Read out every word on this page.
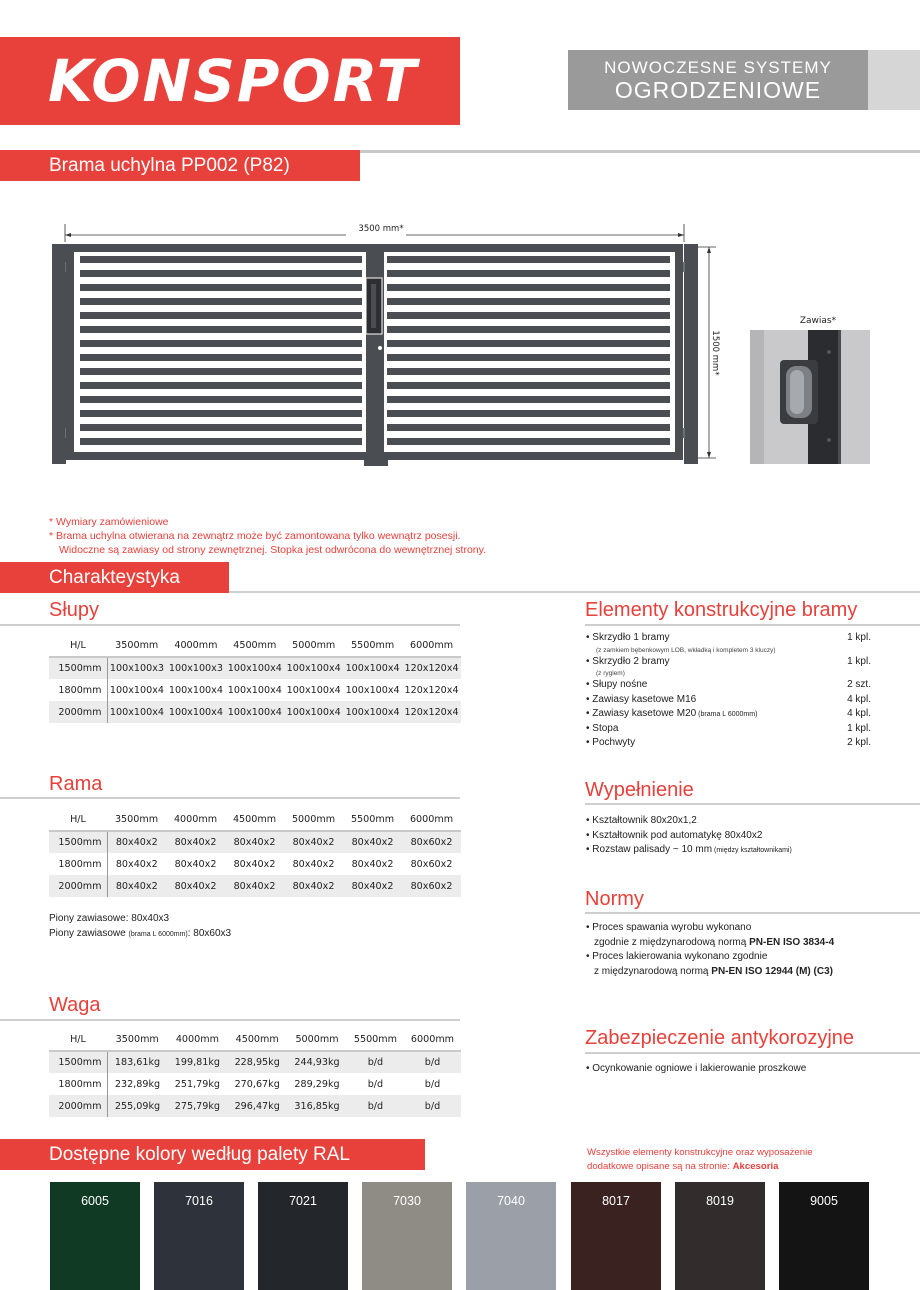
KONSPORT	NOWOCZESNE SYSTEMY
OGRODZENIOWE
Brama uchylna PP002 (P82)
3500 mm*
1500 mm*
Zawias*
* Wymiary zamówieniowe
* Brama uchylna otwierana na zewnątrz może być zamontowana tylko wewnątrz posesji.
Widoczne są zawiasy od strony zewnętrznej. Stopka jest odwrócona do wewnętrznej strony.
Charakteystyka
Słupy
H/L	3500mm	4000mm	4500mm	5000mm	5500mm	6000mm
1500mm	100x100x3	100x100x3	100x100x4	100x100x4	100x100x4	120x120x4
1800mm	100x100x4	100x100x4	100x100x4	100x100x4	100x100x4	120x120x4
2000mm	100x100x4	100x100x4	100x100x4	100x100x4	100x100x4	120x120x4
Rama
H/L	3500mm	4000mm	4500mm	5000mm	5500mm	6000mm
1500mm	80x40x2	80x40x2	80x40x2	80x40x2	80x40x2	80x60x2
1800mm	80x40x2	80x40x2	80x40x2	80x40x2	80x40x2	80x60x2
2000mm	80x40x2	80x40x2	80x40x2	80x40x2	80x40x2	80x60x2
Piony zawiasowe: 80x40x3
Piony zawiasowe (brama L 6000mm): 80x60x3
Waga
H/L	3500mm	4000mm	4500mm	5000mm	5500mm	6000mm
1500mm	183,61kg	199,81kg	228,95kg	244,93kg	b/d	b/d
1800mm	232,89kg	251,79kg	270,67kg	289,29kg	b/d	b/d
2000mm	255,09kg	275,79kg	296,47kg	316,85kg	b/d	b/d
Elementy konstrukcyjne bramy
• Skrzydło 1 bramy	1 kpl.
(z zamkiem bębenkowym LOB, wkładką i kompletem 3 kluczy)
• Skrzydło 2 bramy	1 kpl.
(z ryglem)
• Słupy nośne	2 szt.
• Zawiasy kasetowe M16	4 kpl.
• Zawiasy kasetowe M20 (brama L 6000mm)	4 kpl.
• Stopa	1 kpl.
• Pochwyty	2 kpl.
Wypełnienie
• Kształtownik 80x20x1,2
• Kształtownik pod automatykę 80x40x2
• Rozstaw palisady ~ 10 mm (między kształtownikami)
Normy
• Proces spawania wyrobu wykonano
zgodnie z międzynarodową normą PN-EN ISO 3834-4
• Proces lakierowania wykonano zgodnie
z międzynarodową normą PN-EN ISO 12944 (M) (C3)
Zabezpieczenie antykorozyjne
• Ocynkowanie ogniowe i lakierowanie proszkowe
Dostępne kolory według palety RAL	Wszystkie elementy konstrukcyjne oraz wyposażenie
dodatkowe opisane są na stronie: Akcesoria
6005	7016	7021	7030	7040	8017	8019	9005
